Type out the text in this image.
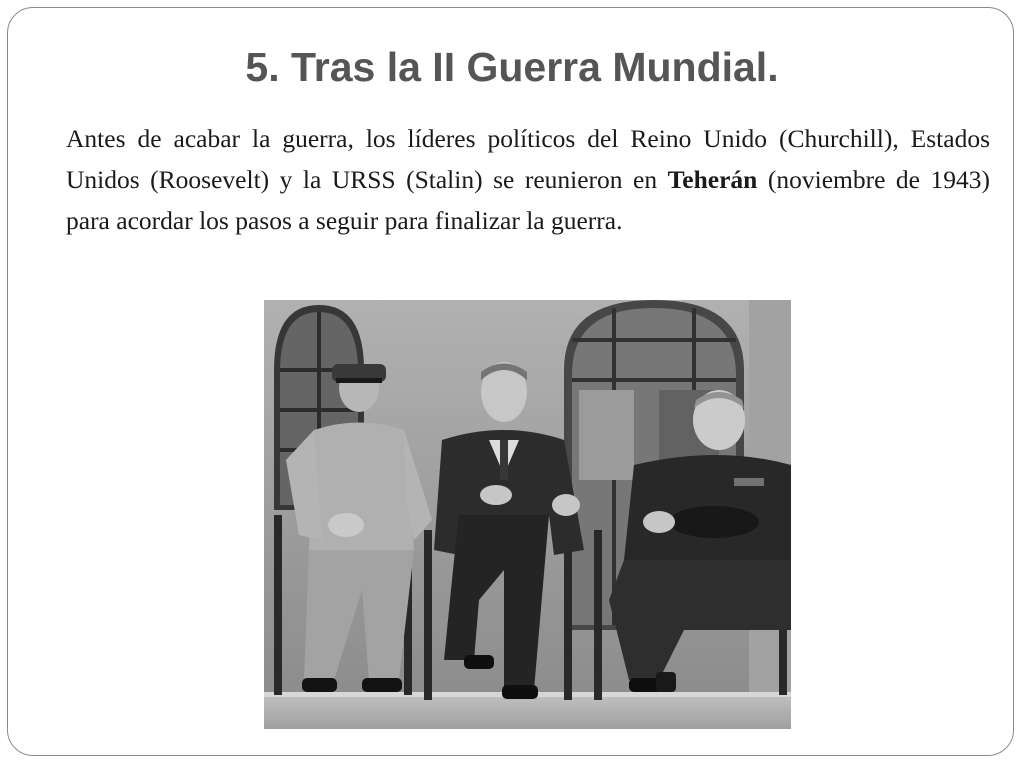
5. Tras la II Guerra Mundial.

Antes de acabar la guerra, los líderes políticos del Reino Unido (Churchill), Estados Unidos (Roosevelt) y la URSS (Stalin) se reunieron en Teherán (noviembre de 1943) para acordar los pasos a seguir para finalizar la guerra.
